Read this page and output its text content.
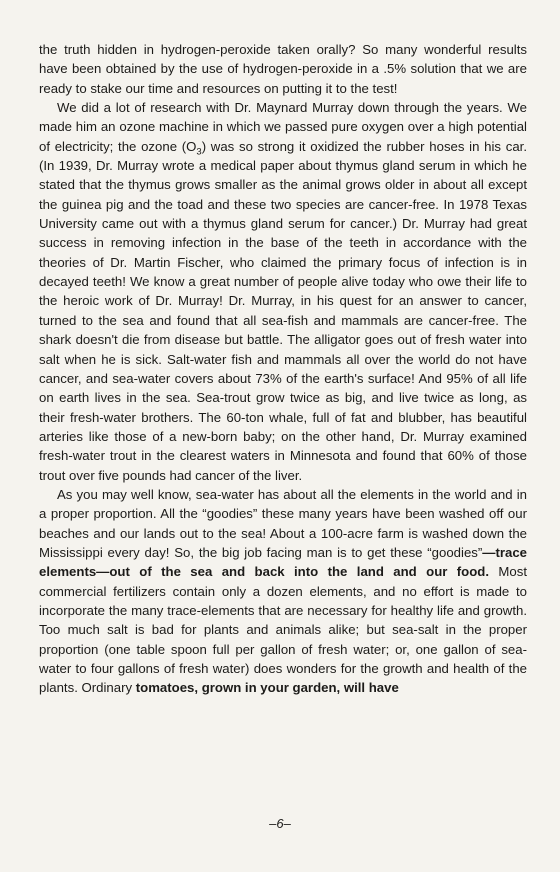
the truth hidden in hydrogen-peroxide taken orally? So many wonderful results have been obtained by the use of hydrogen-peroxide in a .5% solution that we are ready to stake our time and resources on putting it to the test!

We did a lot of research with Dr. Maynard Murray down through the years. We made him an ozone machine in which we passed pure oxygen over a high potential of electricity; the ozone $(O_3)$ was so strong it oxidized the rubber hoses in his car. (In 1939, Dr. Murray wrote a medical paper about thymus gland serum in which he stated that the thymus grows smaller as the animal grows older in about all except the guinea pig and the toad and these two species are cancer-free. In 1978 Texas University came out with a thymus gland serum for cancer.) Dr. Murray had great success in removing infection in the base of the teeth in accordance with the theories of Dr. Martin Fischer, who claimed the primary focus of infection is in decayed teeth! We know a great number of people alive today who owe their life to the heroic work of Dr. Murray! Dr. Murray, in his quest for an answer to cancer, turned to the sea and found that all sea-fish and mammals are cancer-free. The shark doesn't die from disease but battle. The alligator goes out of fresh water into salt when he is sick. Salt-water fish and mammals all over the world do not have cancer, and sea-water covers about 73% of the earth's surface! And 95% of all life on earth lives in the sea. Sea-trout grow twice as big, and live twice as long, as their fresh-water brothers. The 60-ton whale, full of fat and blubber, has beautiful arteries like those of a new-born baby; on the other hand, Dr. Murray examined fresh-water trout in the clearest waters in Minnesota and found that 60% of those trout over five pounds had cancer of the liver.

As you may well know, sea-water has about all the elements in the world and in a proper proportion. All the “goodies” these many years have been washed off our beaches and our lands out to the sea! About a 100-acre farm is washed down the Mississippi every day! So, the big job facing man is to get these “goodies”—trace elements—out of the sea and back into the land and our food. Most commercial fertilizers contain only a dozen elements, and no effort is made to incorporate the many trace-elements that are necessary for healthy life and growth. Too much salt is bad for plants and animals alike; but sea-salt in the proper proportion (one table spoon full per gallon of fresh water; or, one gallon of sea-water to four gallons of fresh water) does wonders for the growth and health of the plants. Ordinary tomatoes, grown in your garden, will have

–6–
